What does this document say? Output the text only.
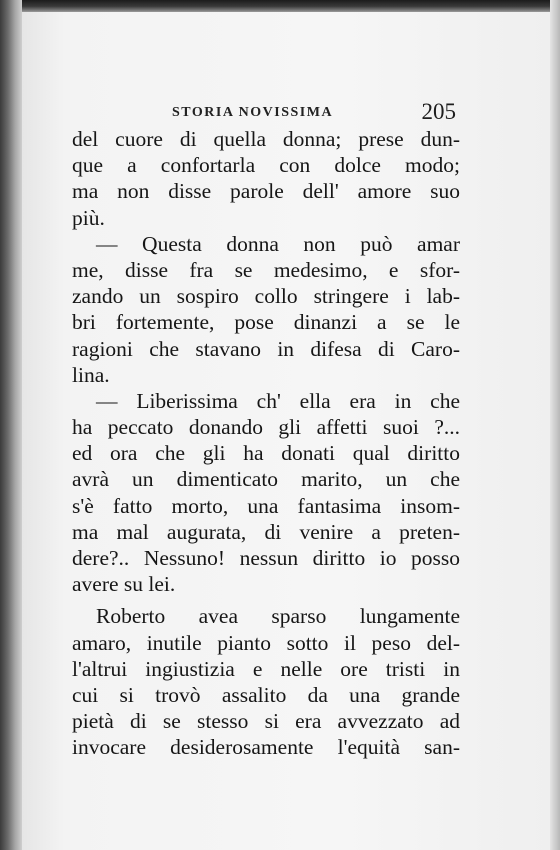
STORIA NOVISSIMA	205
del cuore di quella donna; prese dun-
que a confortarla con dolce modo;
ma non disse parole dell' amore suo
più.
— Questa donna non può amar
me, disse fra se medesimo, e sfor-
zando un sospiro collo stringere i lab-
bri fortemente, pose dinanzi a se le
ragioni che stavano in difesa di Caro-
lina.
— Liberissima ch' ella era in che
ha peccato donando gli affetti suoi ?...
ed ora che gli ha donati qual diritto
avrà un dimenticato marito, un che
s'è fatto morto, una fantasima insom-
ma mal augurata, di venire a preten-
dere?.. Nessuno! nessun diritto io posso
avere su lei.
Roberto avea sparso lungamente
amaro, inutile pianto sotto il peso del-
l'altrui ingiustizia e nelle ore tristi in
cui si trovò assalito da una grande
pietà di se stesso si era avvezzato ad
invocare desiderosamente l'equità san-
